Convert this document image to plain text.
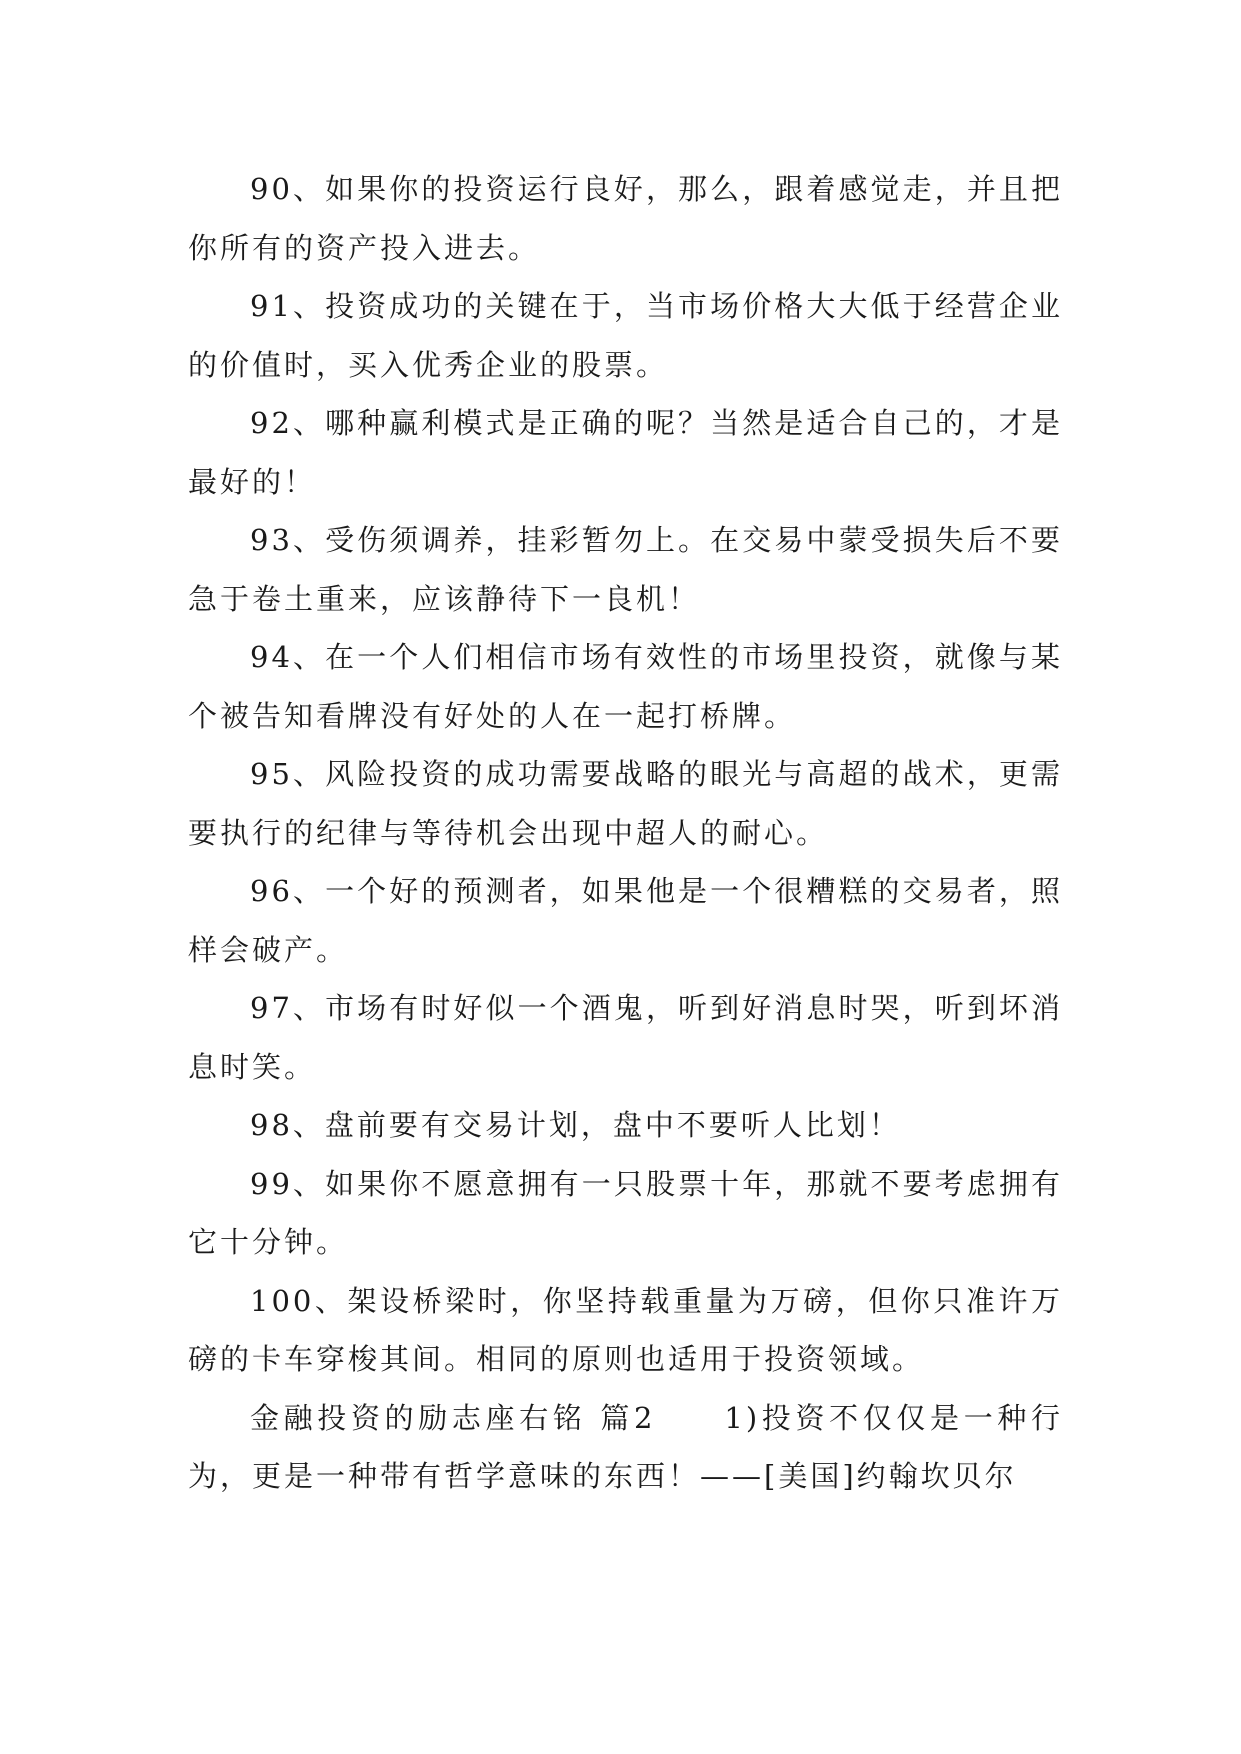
90、如果你的投资运行良好，那么，跟着感觉走，并且把你所有的资产投入进去。

91、投资成功的关键在于，当市场价格大大低于经营企业的价值时，买入优秀企业的股票。

92、哪种赢利模式是正确的呢？当然是适合自己的，才是最好的！

93、受伤须调养，挂彩暂勿上。在交易中蒙受损失后不要急于卷土重来，应该静待下一良机！

94、在一个人们相信市场有效性的市场里投资，就像与某个被告知看牌没有好处的人在一起打桥牌。

95、风险投资的成功需要战略的眼光与高超的战术，更需要执行的纪律与等待机会出现中超人的耐心。

96、一个好的预测者，如果他是一个很糟糕的交易者，照样会破产。

97、市场有时好似一个酒鬼，听到好消息时哭，听到坏消息时笑。

98、盘前要有交易计划，盘中不要听人比划！

99、如果你不愿意拥有一只股票十年，那就不要考虑拥有它十分钟。

100、架设桥梁时，你坚持载重量为万磅，但你只准许万磅的卡车穿梭其间。相同的原则也适用于投资领域。

金融投资的励志座右铭 篇2　　1)投资不仅仅是一种行为，更是一种带有哲学意味的东西！——[美国]约翰坎贝尔
